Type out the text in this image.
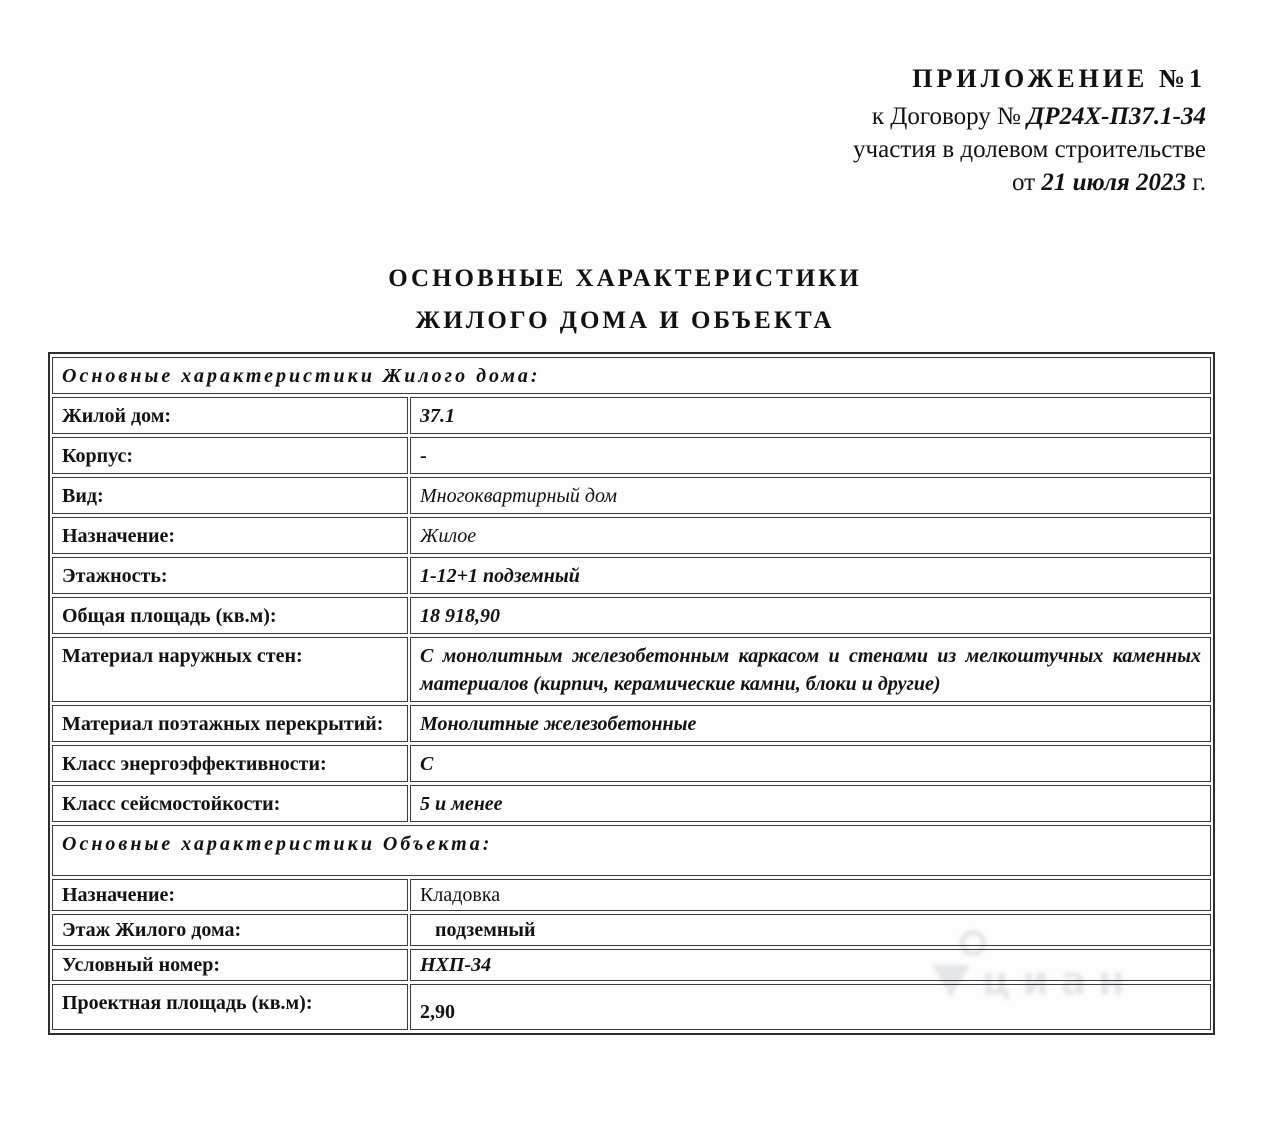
циан
ПРИЛОЖЕНИЕ №1
к Договору № ДР24Х-П37.1-34
участия в долевом строительстве
от 21 июля 2023 г.
ОСНОВНЫЕ ХАРАКТЕРИСТИКИ
ЖИЛОГО ДОМА И ОБЪЕКТА
Основные характеристики Жилого дома:	
Жилой дом:	37.1
Корпус:	-
Вид:	Многоквартирный дом
Назначение:	Жилое
Этажность:	1-12+1 подземный
Общая площадь (кв.м):	18 918,90
Материал наружных стен:	С монолитным железобетонным каркасом и стенами из мелкоштучных каменных материалов (кирпич, керамические камни, блоки и другие)
Материал поэтажных перекрытий:	Монолитные железобетонные
Класс энергоэффективности:	С
Класс сейсмостойкости:	5 и менее
Основные характеристики Объекта:	
Назначение:	Кладовка
Этаж Жилого дома:	подземный
Условный номер:	НХП-34
Проектная площадь (кв.м):	2,90
